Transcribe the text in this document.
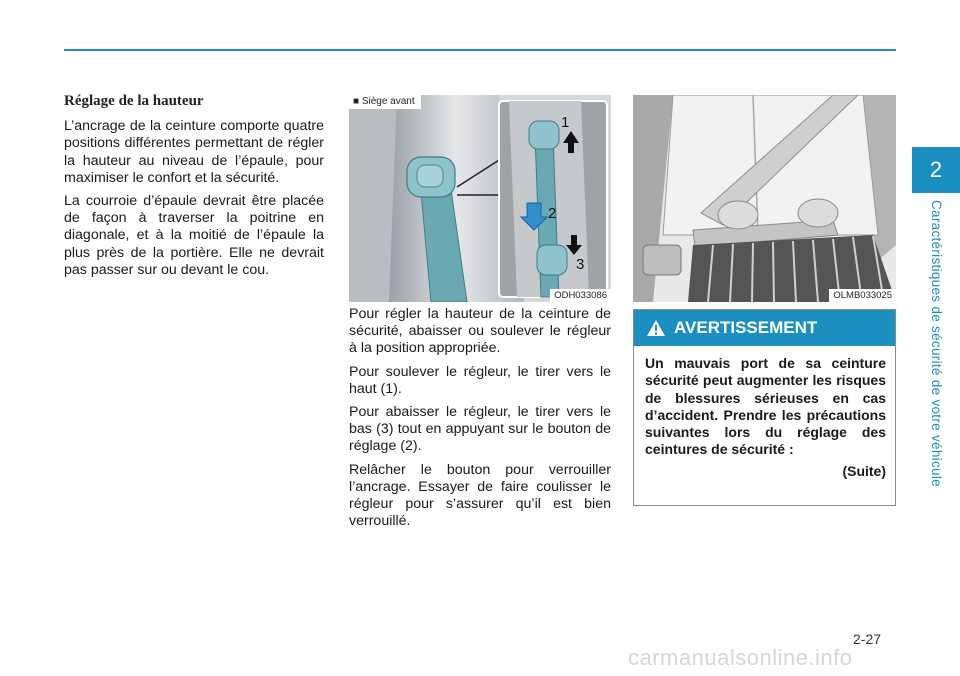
Réglage de la hauteur

L’ancrage de la ceinture comporte quatre positions différentes permettant de régler la hauteur au niveau de l’épaule, pour maximiser le confort et la sécurité.

La courroie d’épaule devrait être placée de façon à traverser la poitrine en diagonale, et à la moitié de l’épaule la plus près de la portière. Elle ne devrait pas passer sur ou devant le cou.

1
2
3
■ Siège avant
ODH033086

Pour régler la hauteur de la ceinture de sécurité, abaisser ou soulever le régleur à la position appropriée.

Pour soulever le régleur, le tirer vers le haut (1).

Pour abaisser le régleur, le tirer vers le bas (3) tout en appuyant sur le bouton de réglage (2).

Relâcher le bouton pour verrouiller l’ancrage. Essayer de faire coulisser le régleur pour s’assurer qu’il est bien verrouillé.

OLMB033025
AVERTISSEMENT
Un mauvais port de sa ceinture sécurité peut augmenter les risques de blessures sérieuses en cas d’accident. Prendre les précautions suivantes lors du réglage des ceintures de sécurité :
(Suite)
2
Caractéristiques de sécurité de votre véhicule
2-27
carmanualsonline.info
